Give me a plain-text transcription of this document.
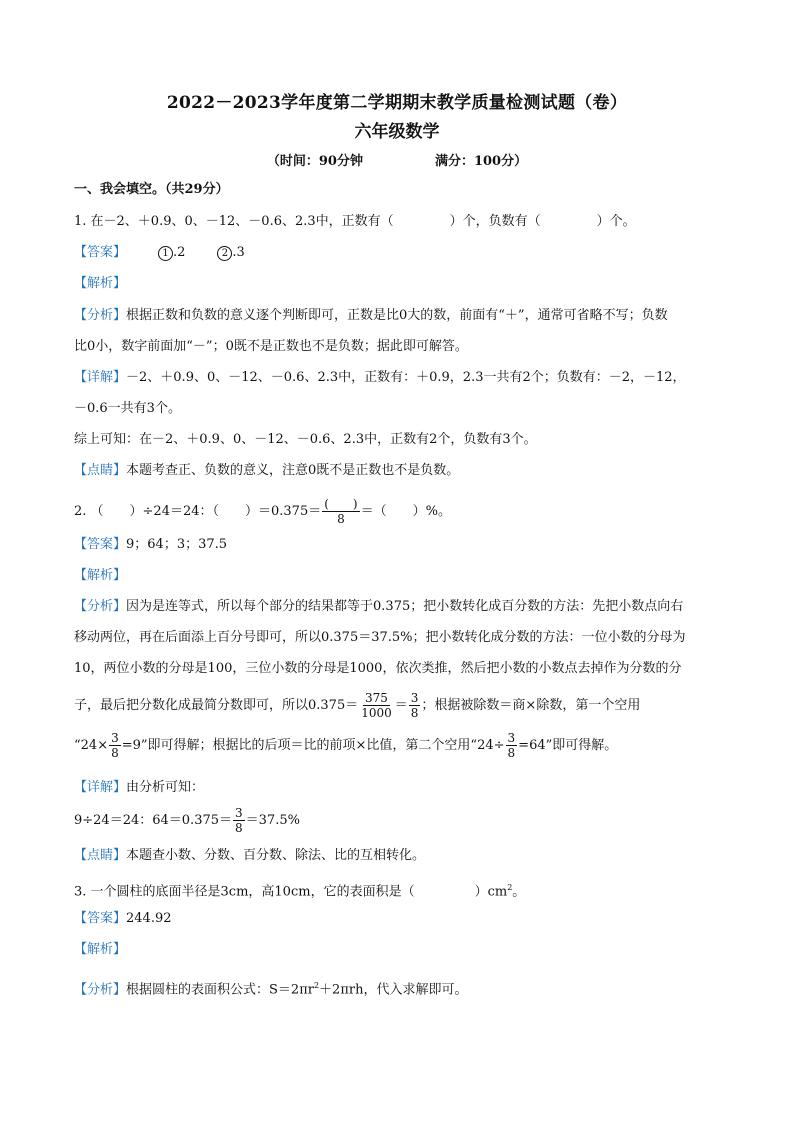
2022－2023学年度第二学期期末教学质量检测试题（卷）
六年级数学
（时间：90分钟	满分：100分）
一、我会填空。（共29分）
1. 在－2、＋0.9、0、－12、－0.6、2.3中，正数有（	）个，负数有（	）个。
【答案】	1 .2	2 .3
【解析】
【分析】根据正数和负数的意义逐个判断即可，正数是比0大的数，前面有“＋”，通常可省略不写；负数
比0小，数字前面加“－”；0既不是正数也不是负数；据此即可解答。
【详解】－2、＋0.9、0、－12、－0.6、2.3中，正数有：＋0.9，2.3一共有2个；负数有：－2，－12，
－0.6一共有3个。
综上可知：在－2、＋0.9、0、－12、－0.6、2.3中，正数有2个，负数有3个。
【点睛】本题考查正、负数的意义，注意0既不是正数也不是负数。
2. （　　）÷24＝24：（　　）$=0.375= \frac{( )}{8}$ ＝（　　）%。
【答案】9；64；3；37.5
【解析】
【分析】因为是连等式，所以每个部分的结果都等于0.375；把小数转化成百分数的方法：先把小数点向右
移动两位，再在后面添上百分号即可，所以0.375＝37.5%；把小数转化成分数的方法：一位小数的分母为
10，两位小数的分母是100，三位小数的分母是1000，依次类推，然后把小数的小数点去掉作为分数的分
子，最后把分数化成最简分数即可，所以$0.375= \frac{375}{1000} = \frac{3}{8}$ ；根据被除数＝商×除数，第一个空用
“$24\times \frac{3}{8} =9$”即可得解；根据比的后项＝比的前项×比值，第二个空用“$24\div \frac{3}{8} =64$”即可得解。
【详解】由分析可知：
9÷24＝24：$64=0.375= \frac{3}{8} =37.5\%$
【点睛】本题查小数、分数、百分数、除法、比的互相转化。
3. 一个圆柱的底面半径是3cm，高10cm，它的表面积是（	）$cm^2$。
【答案】244.92
【解析】
【分析】根据圆柱的表面积公式：$S=2\pi r^2+2\pi rh$，代入求解即可。
